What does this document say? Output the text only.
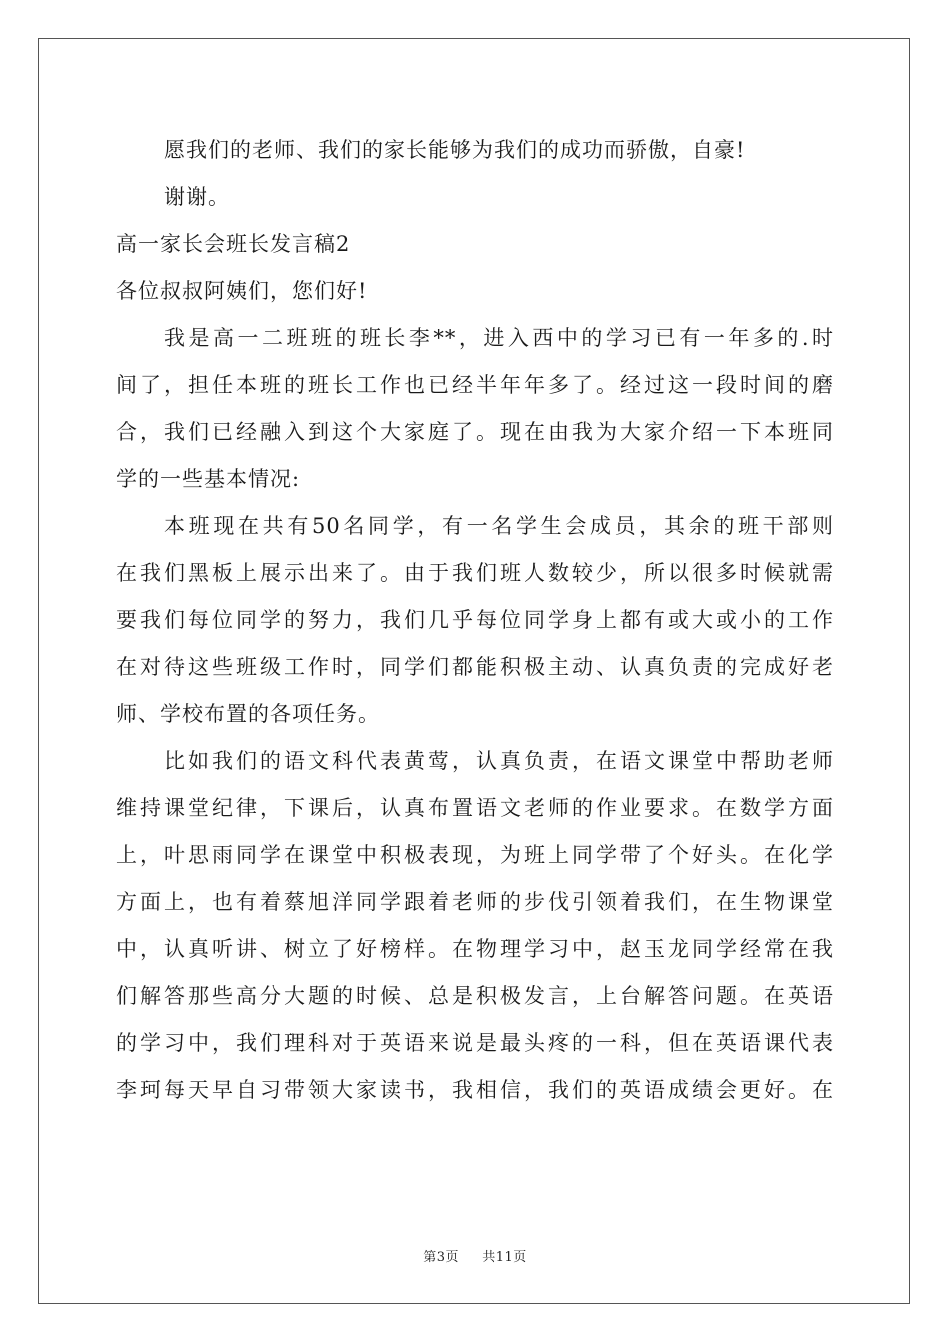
愿我们的老师、我们的家长能够为我们的成功而骄傲，自豪!

谢谢。

高一家长会班长发言稿2

各位叔叔阿姨们，您们好!

我是高一二班班的班长李**，进入西中的学习已有一年多的.时
间了，担任本班的班长工作也已经半年年多了。经过这一段时间的磨
合，我们已经融入到这个大家庭了。现在由我为大家介绍一下本班同
学的一些基本情况:

本班现在共有50名同学，有一名学生会成员，其余的班干部则
在我们黑板上展示出来了。由于我们班人数较少，所以很多时候就需
要我们每位同学的努力，我们几乎每位同学身上都有或大或小的工作
在对待这些班级工作时，同学们都能积极主动、认真负责的完成好老
师、学校布置的各项任务。

比如我们的语文科代表黄莺，认真负责，在语文课堂中帮助老师
维持课堂纪律，下课后，认真布置语文老师的作业要求。在数学方面
上，叶思雨同学在课堂中积极表现，为班上同学带了个好头。在化学
方面上，也有着蔡旭洋同学跟着老师的步伐引领着我们，在生物课堂
中，认真听讲、树立了好榜样。在物理学习中，赵玉龙同学经常在我
们解答那些高分大题的时候、总是积极发言，上台解答问题。在英语
的学习中，我们理科对于英语来说是最头疼的一科，但在英语课代表
李珂每天早自习带领大家读书，我相信，我们的英语成绩会更好。在

第3页 共11页
